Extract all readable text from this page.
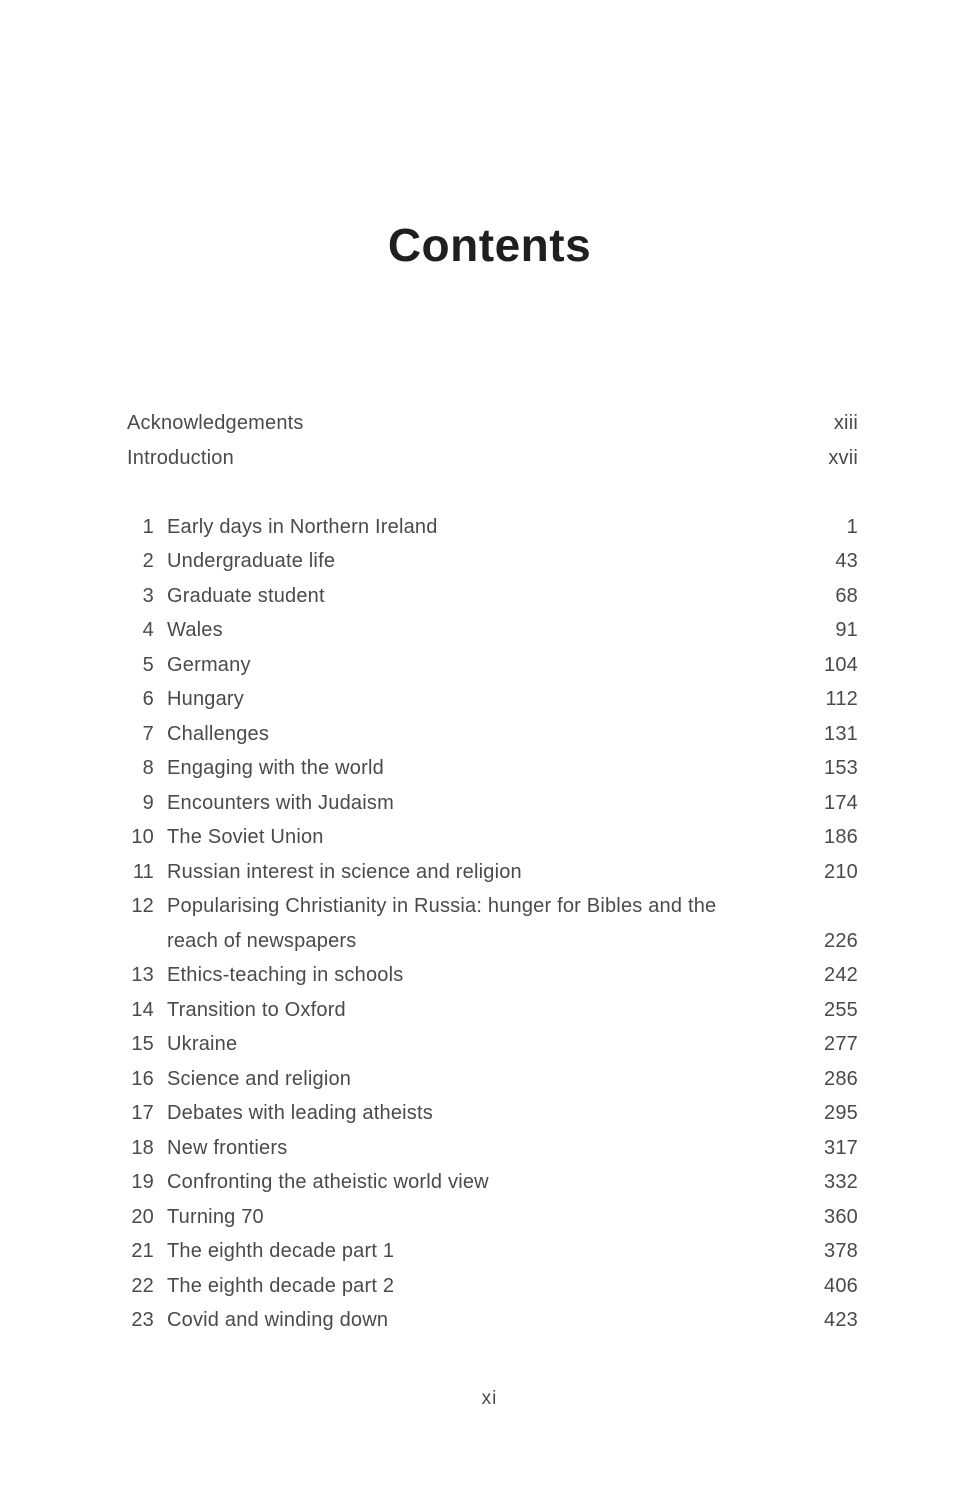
Contents
Acknowledgements	xiii
Introduction	xvii
1 Early days in Northern Ireland	1
2 Undergraduate life	43
3 Graduate student	68
4 Wales	91
5 Germany	104
6 Hungary	112
7 Challenges	131
8 Engaging with the world	153
9 Encounters with Judaism	174
10 The Soviet Union	186
11 Russian interest in science and religion	210
12 Popularising Christianity in Russia: hunger for Bibles and the reach of newspapers	226
13 Ethics-teaching in schools	242
14 Transition to Oxford	255
15 Ukraine	277
16 Science and religion	286
17 Debates with leading atheists	295
18 New frontiers	317
19 Confronting the atheistic world view	332
20 Turning 70	360
21 The eighth decade part 1	378
22 The eighth decade part 2	406
23 Covid and winding down	423
xi
